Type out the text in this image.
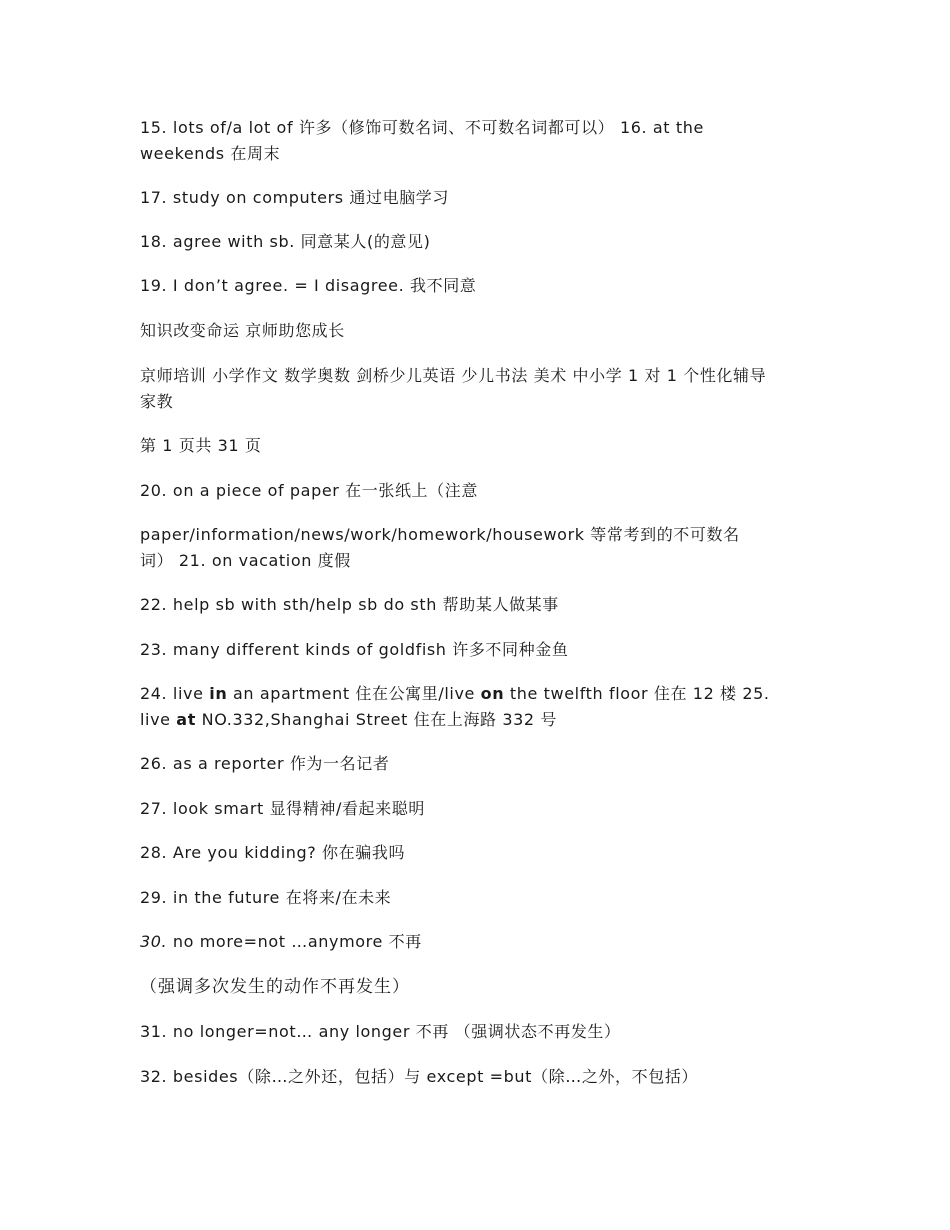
15. lots of/a lot of 许多（修饰可数名词、不可数名词都可以） 16. at the
weekends 在周末
17. study on computers 通过电脑学习
18. agree with sb. 同意某人(的意见)
19. I don’t agree. = I disagree. 我不同意
知识改变命运 京师助您成长
京师培训 小学作文 数学奥数 剑桥少儿英语 少儿书法 美术 中小学 1 对 1 个性化辅导
家教
第 1 页共 31 页
20. on a piece of paper 在一张纸上（注意
paper/information/news/work/homework/housework 等常考到的不可数名
词） 21. on vacation 度假
22. help sb with sth/help sb do sth 帮助某人做某事
23. many different kinds of goldfish 许多不同种金鱼
24. live in an apartment 住在公寓里/live on the twelfth floor 住在 12 楼 25.
live at NO.332,Shanghai Street 住在上海路 332 号
26. as a reporter 作为一名记者
27. look smart 显得精神/看起来聪明
28. Are you kidding? 你在骗我吗
29. in the future 在将来/在未来
30. no more=not …anymore 不再
（强调多次发生的动作不再发生）
31. no longer=not… any longer 不再 （强调状态不再发生）
32. besides（除…之外还，包括）与 except =but（除…之外，不包括）
